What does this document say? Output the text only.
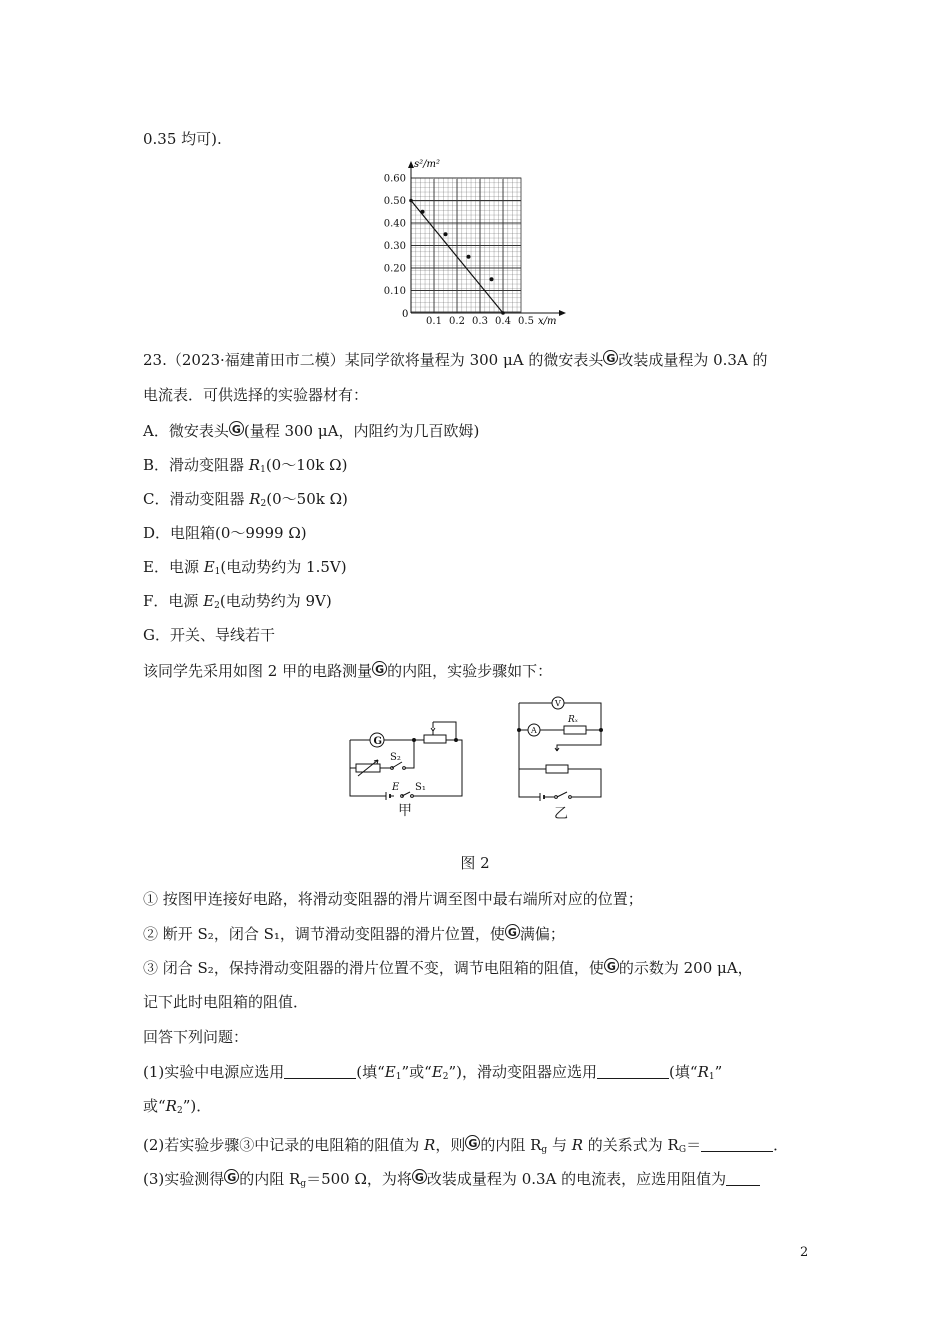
0.35 均可).
s²/m²
x/m
0
0.10
0.20
0.30
0.40
0.50
0.60
0.1 0.2 0.3 0.4 0.5
23.（2023·福建莆田市二模）某同学欲将量程为 300 μA 的微安表头 G 改装成量程为 0.3A 的
电流表．可供选择的实验器材有：
A．微安表头 G (量程 300 μA，内阻约为几百欧姆)
B．滑动变阻器 $R_1(0\sim 10k$ Ω)
C．滑动变阻器 $R_2(0\sim 50k$ Ω)
D．电阻箱(0～9999 Ω)
E．电源 $E_1$(电动势约为 1.5V)
F．电源 $E_2$(电动势约为 9V)
G．开关、导线若干
该同学先采用如图 2 甲的电路测量 G 的内阻，实验步骤如下：
G
S₂
E S₁
甲
V
A
Rₓ
乙
图 2
① 按图甲连接好电路，将滑动变阻器的滑片调至图中最右端所对应的位置；
② 断开 S₂，闭合 S₁，调节滑动变阻器的滑片位置，使 G 满偏；
③ 闭合 S₂，保持滑动变阻器的滑片位置不变，调节电阻箱的阻值，使 G 的示数为 200 μA，
记下此时电阻箱的阻值．
回答下列问题：
(1)实验中电源应选用	(填“$E_1$”或“$E_2$”)，滑动变阻器应选用	(填“$R_1$”
或“$R_2$”)．
(2)若实验步骤③中记录的电阻箱的阻值为 R，则 G 的内阻 $R_g$ 与 R 的关系式为 $R_G=$	．
(3)实验测得 G 的内阻 $R_g=500$ Ω，为将 G 改装成量程为 0.3A 的电流表，应选用阻值为
2
